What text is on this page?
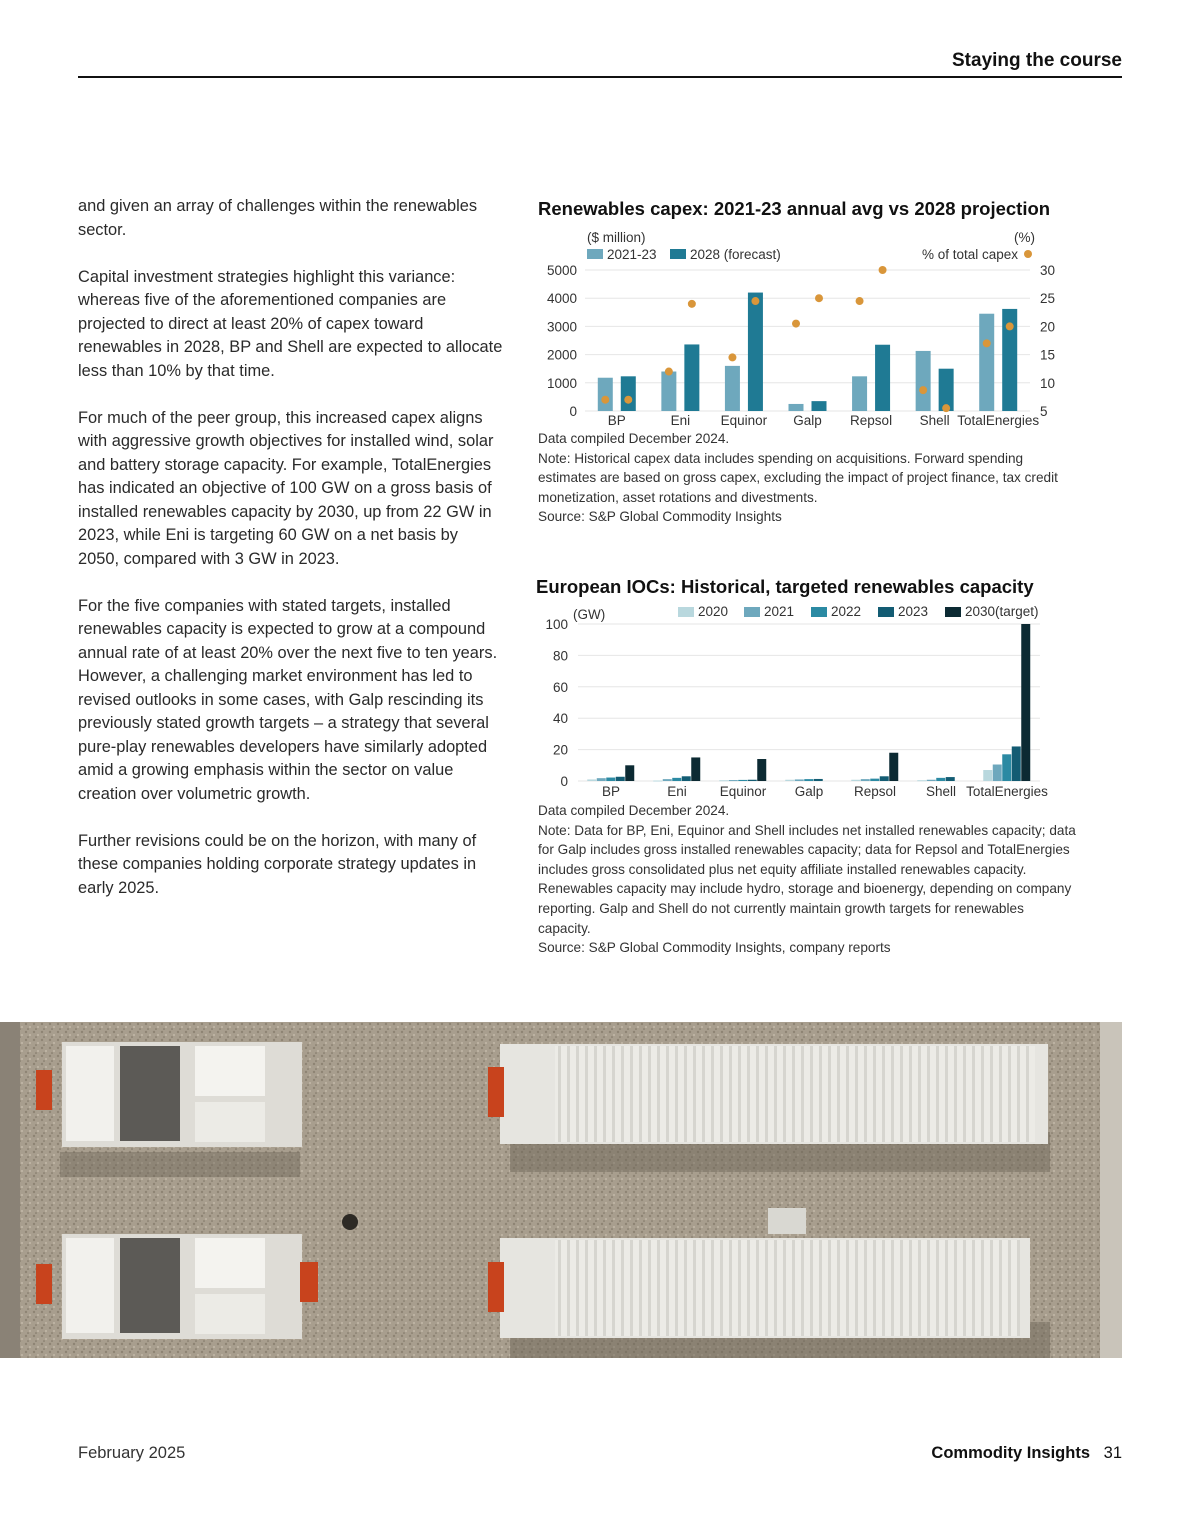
Staying the course

and given an array of challenges within the renewables sector.

Capital investment strategies highlight this variance: whereas five of the aforementioned companies are projected to direct at least 20% of capex toward renewables in 2028, BP and Shell are expected to allocate less than 10% by that time.

For much of the peer group, this increased capex aligns with aggressive growth objectives for installed wind, solar and battery storage capacity. For example, TotalEnergies has indicated an objective of 100 GW on a gross basis of installed renewables capacity by 2030, up from 22 GW in 2023, while Eni is targeting 60 GW on a net basis by 2050, compared with 3 GW in 2023.

For the five companies with stated targets, installed renewables capacity is expected to grow at a compound annual rate of at least 20% over the next five to ten years. However, a challenging market environment has led to revised outlooks in some cases, with Galp rescinding its previously stated growth targets – a strategy that several pure-play renewables developers have similarly adopted amid a growing emphasis within the sector on value creation over volumetric growth.

Further revisions could be on the horizon, with many of these companies holding corporate strategy updates in early 2025.

Renewables capex: 2021-23 annual avg vs 2028 projection
($ million)	(%)
5000
4000
3000
2000
1000
0
30
25
20
15
10
5
2021-23 2028 (forecast)	% of total capex
BP	Eni Equinor Galp Repsol Shell TotalEnergies
Data compiled December 2024.
Note: Historical capex data includes spending on acquisitions. Forward spending estimates are based on gross capex, excluding the impact of project finance, tax credit monetization, asset rotations and divestments.
Source: S&P Global Commodity Insights
European IOCs: Historical, targeted renewables capacity
(GW)
100
80
60
40
20
0
2020	2021	2022	2023	2030(target)
BP	Eni Equinor Galp Repsol Shell TotalEnergies
Data compiled December 2024.
Note: Data for BP, Eni, Equinor and Shell includes net installed renewables capacity; data for Galp includes gross installed renewables capacity; data for Repsol and TotalEnergies includes gross consolidated plus net equity affiliate installed renewables capacity. Renewables capacity may include hydro, storage and bioenergy, depending on company reporting. Galp and Shell do not currently maintain growth targets for renewables capacity.
Source: S&P Global Commodity Insights, company reports
February 2025	Commodity Insights 31
